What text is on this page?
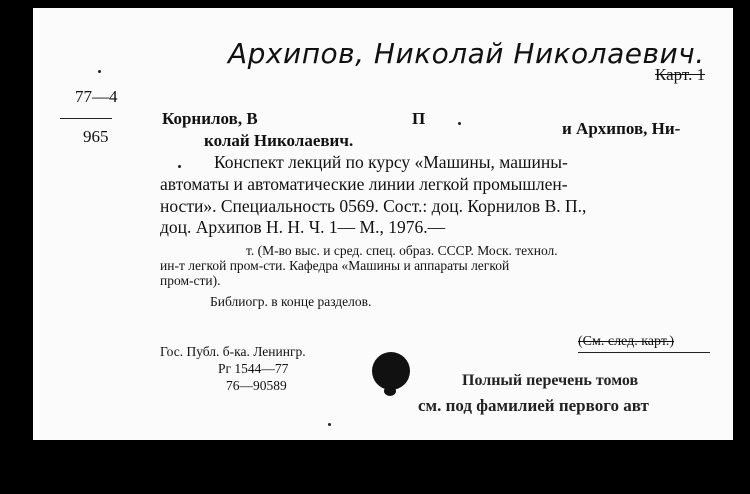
Архипов, Николай Николаевич.
Карт. 1
77—4
965
Корнилов, В	П
и Архипов, Ни-
колай Николаевич.
Конспект лекций по курсу «Машины, машины-
автоматы и автоматические линии легкой промышлен-
ности». Специальность 0569. Сост.: доц. Корнилов В. П.,
доц. Архипов Н. Н. Ч. 1— М., 1976.—
т. (М-во выс. и сред. спец. образ. СССР. Моск. технол.
ин-т легкой пром-сти. Кафедра «Машины и аппараты легкой
пром-сти).
Библиогр. в конце разделов.
(См. след. карт.)
Гос. Публ. б-ка. Ленингр.
Рг 1544—77
76—90589	Полный перечень томов
см. под фамилией первого авт
